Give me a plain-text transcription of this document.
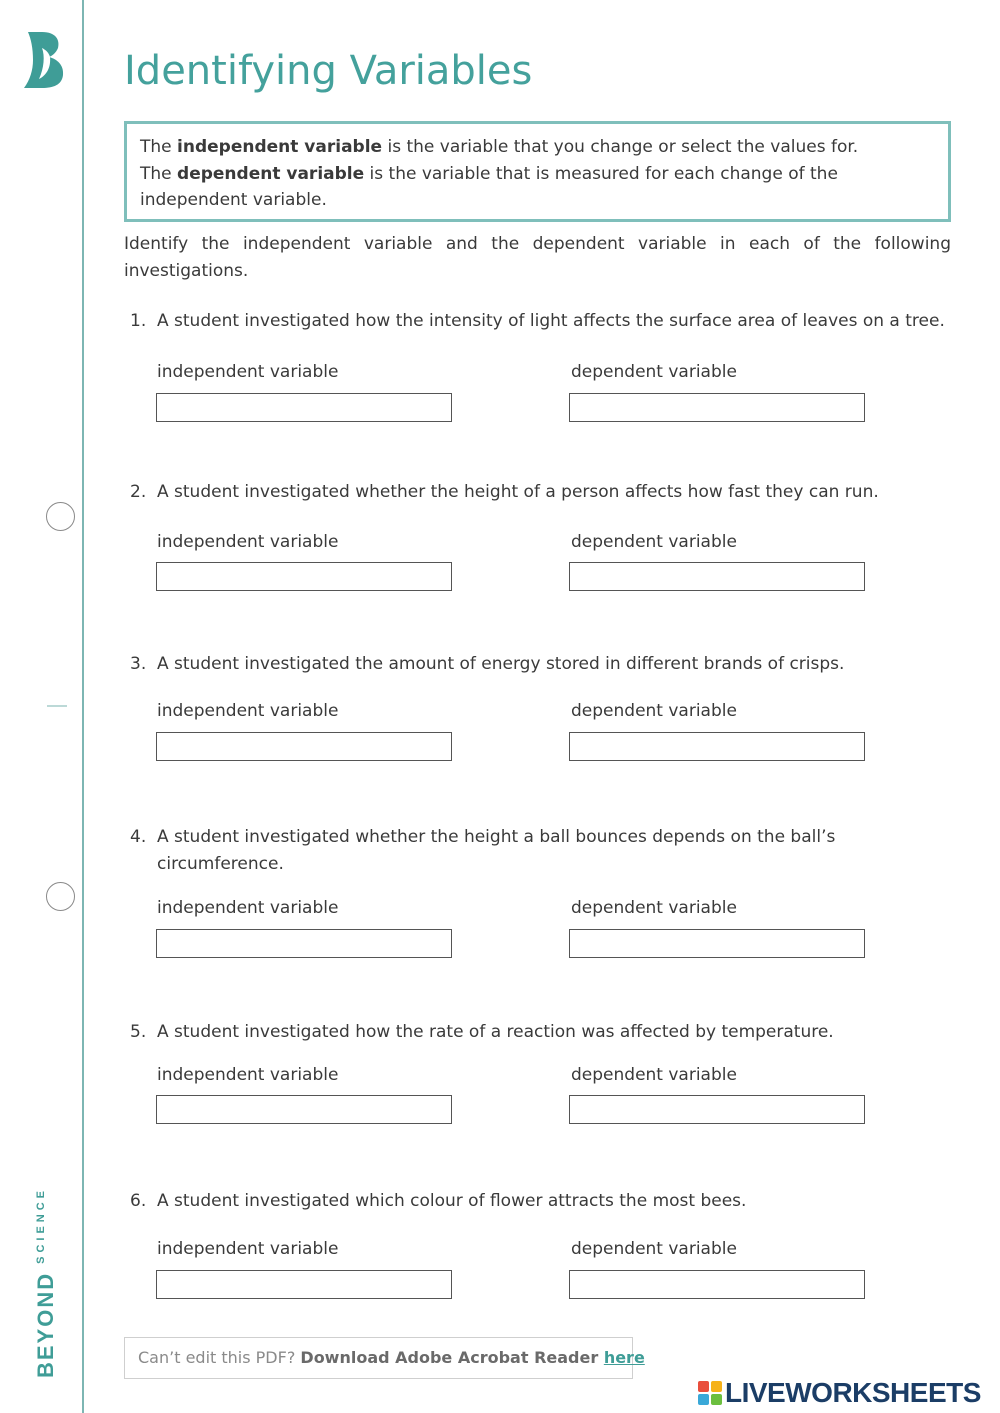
$BEYOND^{SCIENCE}$
Identifying Variables

The independent variable is the variable that you change or select the values for.

The dependent variable is the variable that is measured for each change of the independent variable.

Identify the independent variable and the dependent variable in each of the following investigations.

1. A student investigated how the intensity of light affects the surface area of leaves on a tree.
independent variable	dependent variable
2. A student investigated whether the height of a person affects how fast they can run.
independent variable	dependent variable
3. A student investigated the amount of energy stored in different brands of crisps.
independent variable	dependent variable
4. A student investigated whether the height a ball bounces depends on the ball’s circumference.
independent variable	dependent variable
5. A student investigated how the rate of a reaction was affected by temperature.
independent variable	dependent variable
6. A student investigated which colour of flower attracts the most bees.
independent variable	dependent variable
Can’t edit this PDF? Download Adobe Acrobat Reader here
LIVEWORKSHEETS
